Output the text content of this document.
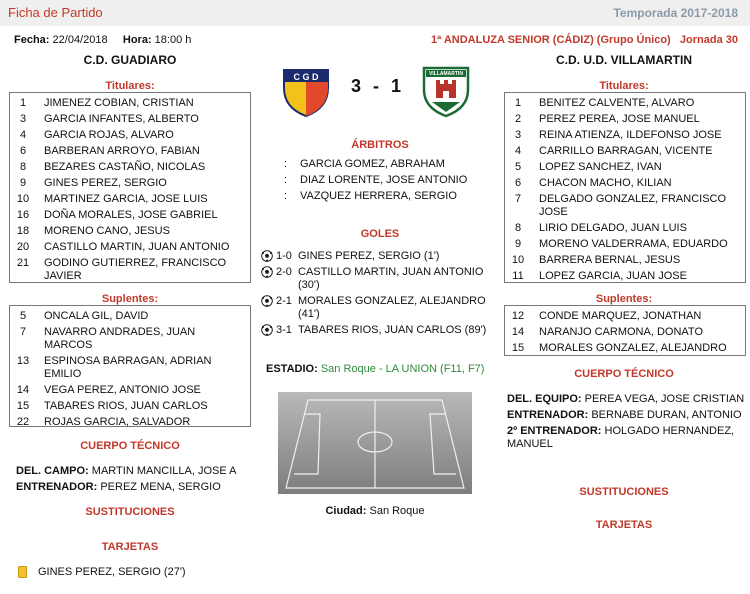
Ficha de Partido	Temporada 2017-2018
Fecha: 22/04/2018 Hora: 18:00 h	1ª ANDALUZA SENIOR (CÁDIZ) (Grupo Único) Jornada 30
C.D. GUADIARO	C.D. U.D. VILLAMARTIN
C G D	3 - 1
VILLAMARTIN
Titulares:
1	JIMENEZ COBIAN, CRISTIAN
3	GARCIA INFANTES, ALBERTO
4	GARCIA ROJAS, ALVARO
6	BARBERAN ARROYO, FABIAN
8	BEZARES CASTAÑO, NICOLAS
9	GINES PEREZ, SERGIO
10	MARTINEZ GARCIA, JOSE LUIS
16	DOÑA MORALES, JOSE GABRIEL
18	MORENO CANO, JESUS
20	CASTILLO MARTIN, JUAN ANTONIO
21	GODINO GUTIERREZ, FRANCISCO JAVIER
Suplentes:
5	ONCALA GIL, DAVID
7	NAVARRO ANDRADES, JUAN MARCOS
13	ESPINOSA BARRAGAN, ADRIAN EMILIO
14	VEGA PEREZ, ANTONIO JOSE
15	TABARES RIOS, JUAN CARLOS
22	ROJAS GARCIA, SALVADOR
CUERPO TÉCNICO
DEL. CAMPO: MARTIN MANCILLA, JOSE A
ENTRENADOR: PEREZ MENA, SERGIO
SUSTITUCIONES
TARJETAS
GINES PEREZ, SERGIO (27')
ÁRBITROS
: GARCIA GOMEZ, ABRAHAM
: DIAZ LORENTE, JOSE ANTONIO
: VAZQUEZ HERRERA, SERGIO
GOLES
1-0 GINES PEREZ, SERGIO (1')
2-0 CASTILLO MARTIN, JUAN ANTONIO (30')
2-1 MORALES GONZALEZ, ALEJANDRO (41')
3-1 TABARES RIOS, JUAN CARLOS (89')
ESTADIO: San Roque - LA UNION (F11, F7)
Ciudad: San Roque
Titulares:
1	BENITEZ CALVENTE, ALVARO
2	PEREZ PEREA, JOSE MANUEL
3	REINA ATIENZA, ILDEFONSO JOSE
4	CARRILLO BARRAGAN, VICENTE
5	LOPEZ SANCHEZ, IVAN
6	CHACON MACHO, KILIAN
7	DELGADO GONZALEZ, FRANCISCO JOSE
8	LIRIO DELGADO, JUAN LUIS
9	MORENO VALDERRAMA, EDUARDO
10	BARRERA BERNAL, JESUS
11	LOPEZ GARCIA, JUAN JOSE
Suplentes:
12	CONDE MARQUEZ, JONATHAN
14	NARANJO CARMONA, DONATO
15	MORALES GONZALEZ, ALEJANDRO
CUERPO TÉCNICO
DEL. EQUIPO: PEREA VEGA, JOSE CRISTIAN
ENTRENADOR: BERNABE DURAN, ANTONIO
2º ENTRENADOR: HOLGADO HERNANDEZ, MANUEL
SUSTITUCIONES
TARJETAS
